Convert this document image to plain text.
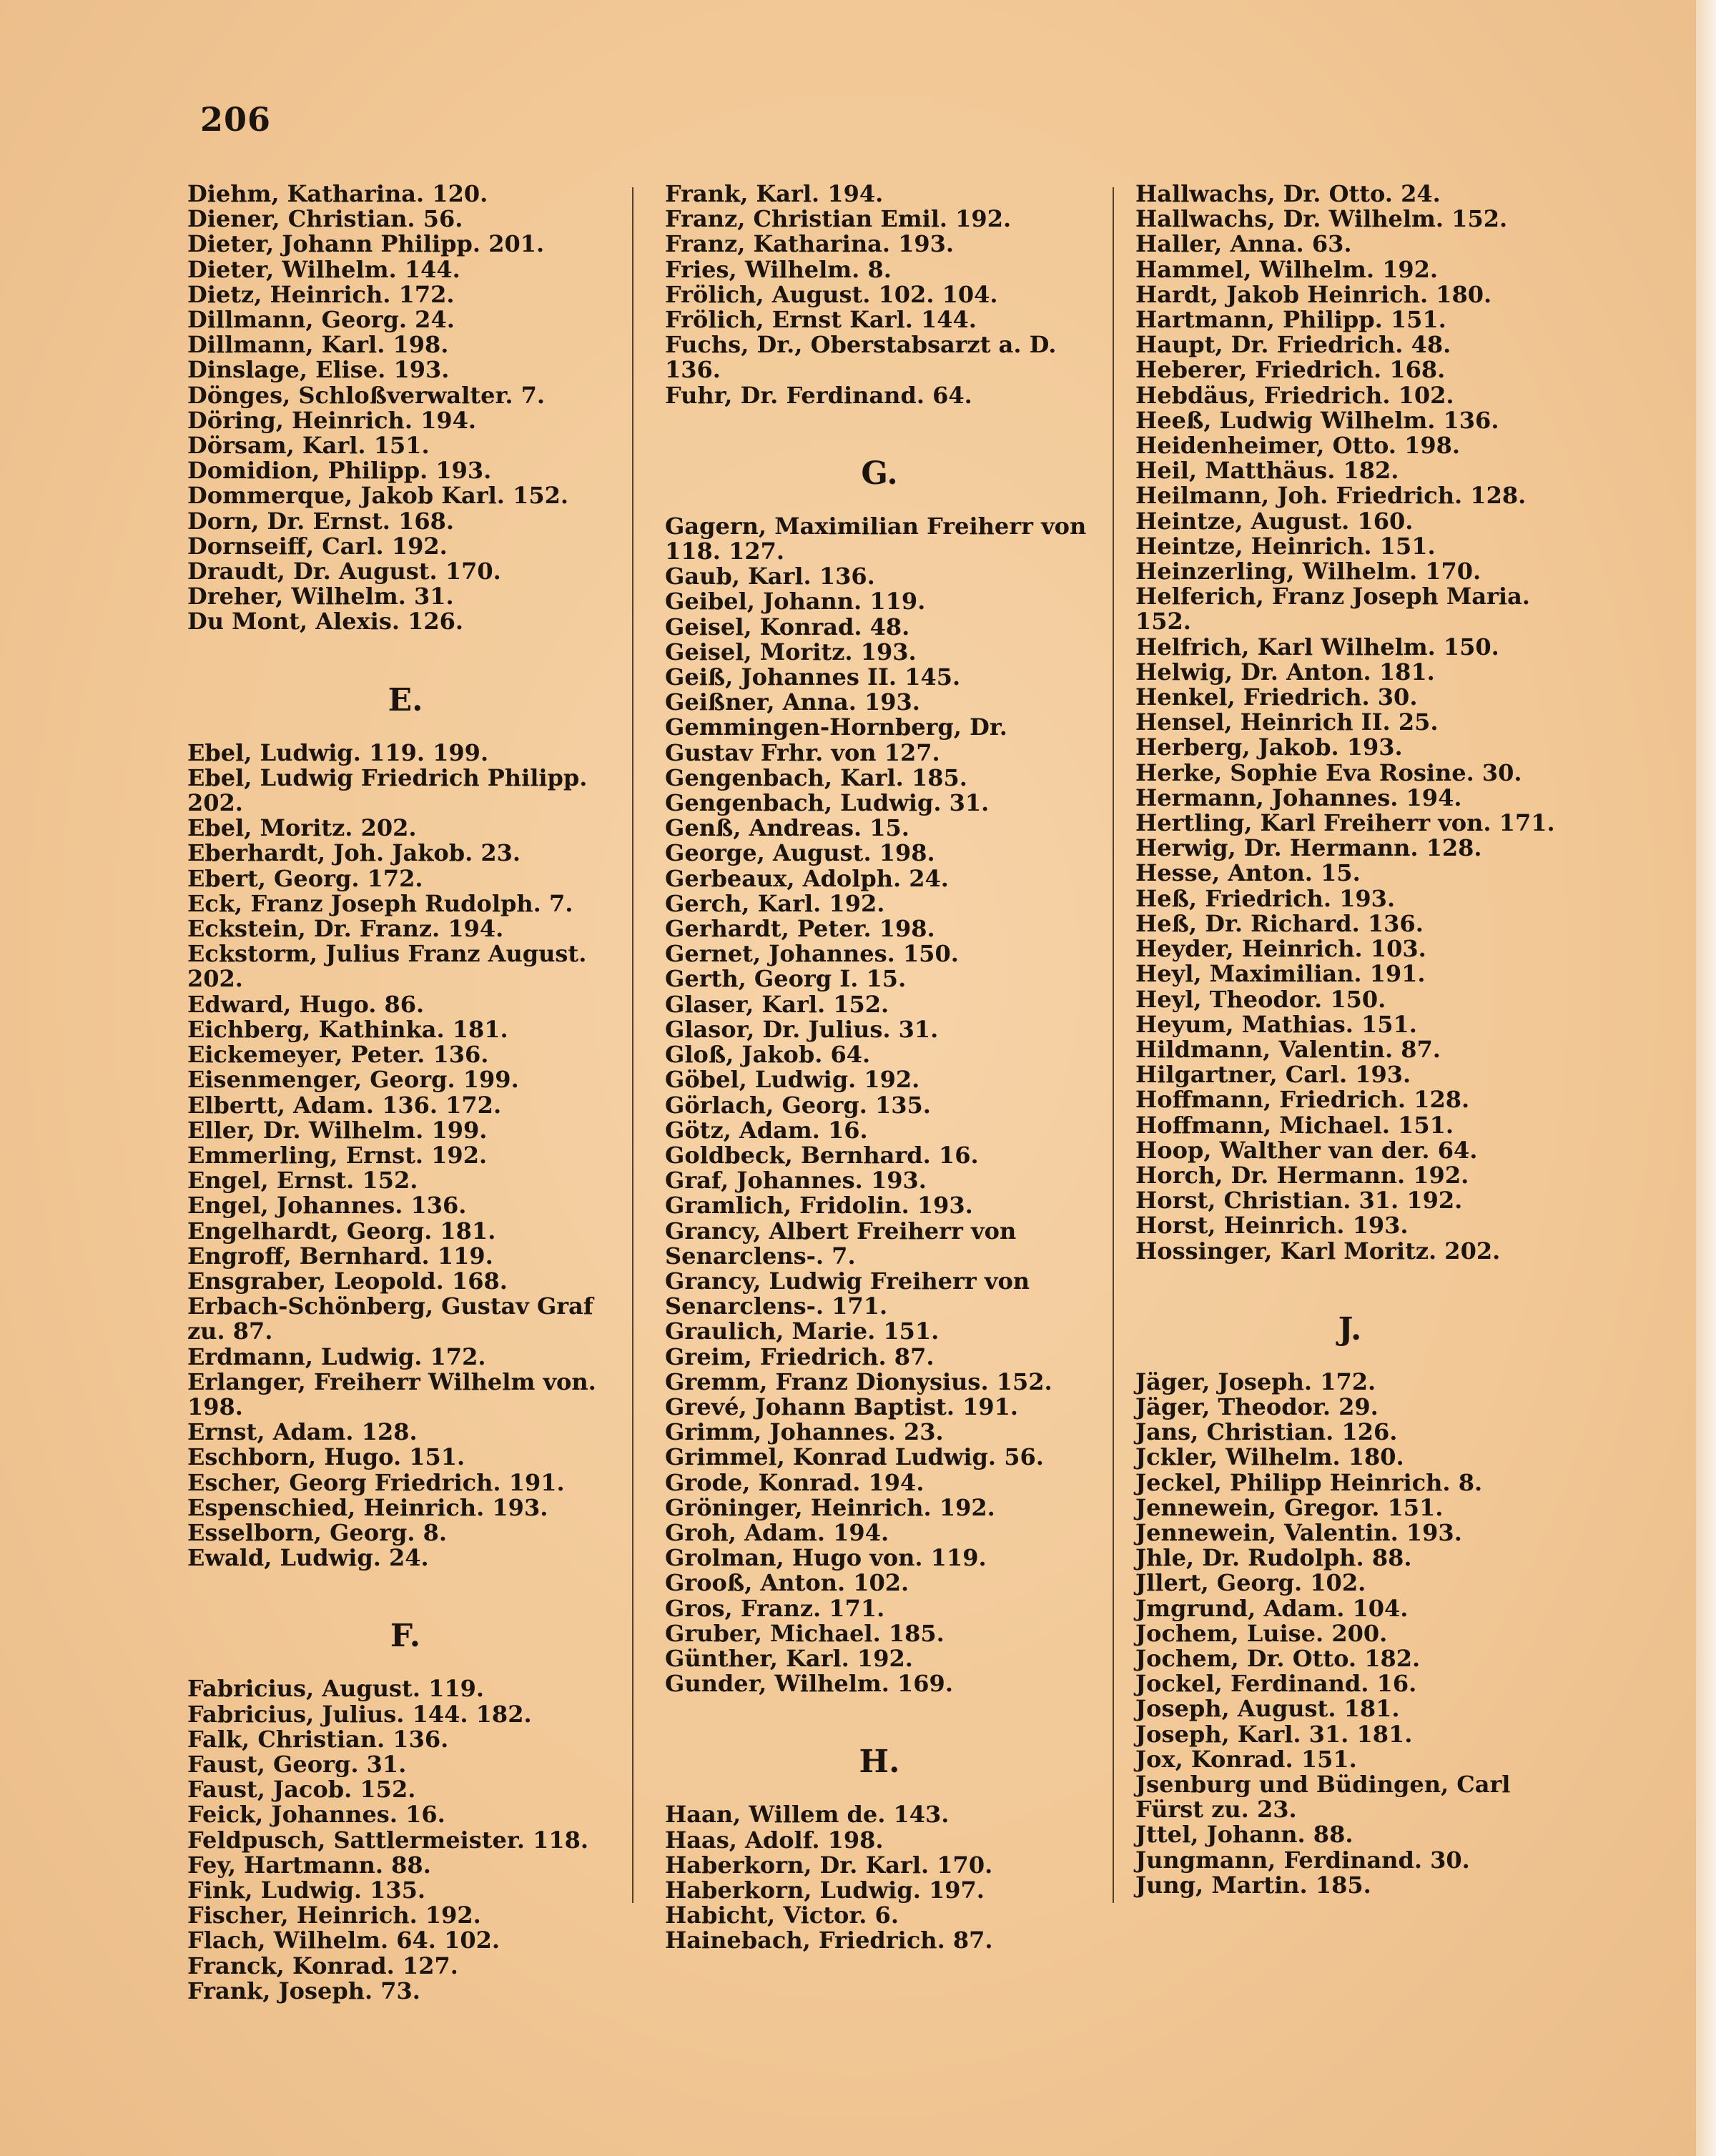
206
Diehm, Katharina. 120.
Diener, Christian. 56.
Dieter, Johann Philipp. 201.
Dieter, Wilhelm. 144.
Dietz, Heinrich. 172.
Dillmann, Georg. 24.
Dillmann, Karl. 198.
Dinslage, Elise. 193.
Dönges, Schloßverwalter. 7.
Döring, Heinrich. 194.
Dörsam, Karl. 151.
Domidion, Philipp. 193.
Dommerque, Jakob Karl. 152.
Dorn, Dr. Ernst. 168.
Dornseiff, Carl. 192.
Draudt, Dr. August. 170.
Dreher, Wilhelm. 31.
Du Mont, Alexis. 126.
E.
Ebel, Ludwig. 119. 199.
Ebel, Ludwig Friedrich Philipp. 202.
Ebel, Moritz. 202.
Eberhardt, Joh. Jakob. 23.
Ebert, Georg. 172.
Eck, Franz Joseph Rudolph. 7.
Eckstein, Dr. Franz. 194.
Eckstorm, Julius Franz August. 202.
Edward, Hugo. 86.
Eichberg, Kathinka. 181.
Eickemeyer, Peter. 136.
Eisenmenger, Georg. 199.
Elbertt, Adam. 136. 172.
Eller, Dr. Wilhelm. 199.
Emmerling, Ernst. 192.
Engel, Ernst. 152.
Engel, Johannes. 136.
Engelhardt, Georg. 181.
Engroff, Bernhard. 119.
Ensgraber, Leopold. 168.
Erbach-Schönberg, Gustav Graf zu. 87.
Erdmann, Ludwig. 172.
Erlanger, Freiherr Wilhelm von. 198.
Ernst, Adam. 128.
Eschborn, Hugo. 151.
Escher, Georg Friedrich. 191.
Espenschied, Heinrich. 193.
Esselborn, Georg. 8.
Ewald, Ludwig. 24.
F.
Fabricius, August. 119.
Fabricius, Julius. 144. 182.
Falk, Christian. 136.
Faust, Georg. 31.
Faust, Jacob. 152.
Feick, Johannes. 16.
Feldpusch, Sattlermeister. 118.
Fey, Hartmann. 88.
Fink, Ludwig. 135.
Fischer, Heinrich. 192.
Flach, Wilhelm. 64. 102.
Franck, Konrad. 127.
Frank, Joseph. 73.
Frank, Karl. 194.
Franz, Christian Emil. 192.
Franz, Katharina. 193.
Fries, Wilhelm. 8.
Frölich, August. 102. 104.
Frölich, Ernst Karl. 144.
Fuchs, Dr., Oberstabsarzt a. D. 136.
Fuhr, Dr. Ferdinand. 64.
G.
Gagern, Maximilian Freiherr von 118. 127.
Gaub, Karl. 136.
Geibel, Johann. 119.
Geisel, Konrad. 48.
Geisel, Moritz. 193.
Geiß, Johannes II. 145.
Geißner, Anna. 193.
Gemmingen-Hornberg, Dr. Gustav Frhr. von 127.
Gengenbach, Karl. 185.
Gengenbach, Ludwig. 31.
Genß, Andreas. 15.
George, August. 198.
Gerbeaux, Adolph. 24.
Gerch, Karl. 192.
Gerhardt, Peter. 198.
Gernet, Johannes. 150.
Gerth, Georg I. 15.
Glaser, Karl. 152.
Glasor, Dr. Julius. 31.
Gloß, Jakob. 64.
Göbel, Ludwig. 192.
Görlach, Georg. 135.
Götz, Adam. 16.
Goldbeck, Bernhard. 16.
Graf, Johannes. 193.
Gramlich, Fridolin. 193.
Grancy, Albert Freiherr von Senarclens-. 7.
Grancy, Ludwig Freiherr von Senarclens-. 171.
Graulich, Marie. 151.
Greim, Friedrich. 87.
Gremm, Franz Dionysius. 152.
Grevé, Johann Baptist. 191.
Grimm, Johannes. 23.
Grimmel, Konrad Ludwig. 56.
Grode, Konrad. 194.
Gröninger, Heinrich. 192.
Groh, Adam. 194.
Grolman, Hugo von. 119.
Grooß, Anton. 102.
Gros, Franz. 171.
Gruber, Michael. 185.
Günther, Karl. 192.
Gunder, Wilhelm. 169.
H.
Haan, Willem de. 143.
Haas, Adolf. 198.
Haberkorn, Dr. Karl. 170.
Haberkorn, Ludwig. 197.
Habicht, Victor. 6.
Hainebach, Friedrich. 87.
Hallwachs, Dr. Otto. 24.
Hallwachs, Dr. Wilhelm. 152.
Haller, Anna. 63.
Hammel, Wilhelm. 192.
Hardt, Jakob Heinrich. 180.
Hartmann, Philipp. 151.
Haupt, Dr. Friedrich. 48.
Heberer, Friedrich. 168.
Hebdäus, Friedrich. 102.
Heeß, Ludwig Wilhelm. 136.
Heidenheimer, Otto. 198.
Heil, Matthäus. 182.
Heilmann, Joh. Friedrich. 128.
Heintze, August. 160.
Heintze, Heinrich. 151.
Heinzerling, Wilhelm. 170.
Helferich, Franz Joseph Maria. 152.
Helfrich, Karl Wilhelm. 150.
Helwig, Dr. Anton. 181.
Henkel, Friedrich. 30.
Hensel, Heinrich II. 25.
Herberg, Jakob. 193.
Herke, Sophie Eva Rosine. 30.
Hermann, Johannes. 194.
Hertling, Karl Freiherr von. 171.
Herwig, Dr. Hermann. 128.
Hesse, Anton. 15.
Heß, Friedrich. 193.
Heß, Dr. Richard. 136.
Heyder, Heinrich. 103.
Heyl, Maximilian. 191.
Heyl, Theodor. 150.
Heyum, Mathias. 151.
Hildmann, Valentin. 87.
Hilgartner, Carl. 193.
Hoffmann, Friedrich. 128.
Hoffmann, Michael. 151.
Hoop, Walther van der. 64.
Horch, Dr. Hermann. 192.
Horst, Christian. 31. 192.
Horst, Heinrich. 193.
Hossinger, Karl Moritz. 202.
J.
Jäger, Joseph. 172.
Jäger, Theodor. 29.
Jans, Christian. 126.
Jckler, Wilhelm. 180.
Jeckel, Philipp Heinrich. 8.
Jennewein, Gregor. 151.
Jennewein, Valentin. 193.
Jhle, Dr. Rudolph. 88.
Jllert, Georg. 102.
Jmgrund, Adam. 104.
Jochem, Luise. 200.
Jochem, Dr. Otto. 182.
Jockel, Ferdinand. 16.
Joseph, August. 181.
Joseph, Karl. 31. 181.
Jox, Konrad. 151.
Jsenburg und Büdingen, Carl Fürst zu. 23.
Jttel, Johann. 88.
Jungmann, Ferdinand. 30.
Jung, Martin. 185.
